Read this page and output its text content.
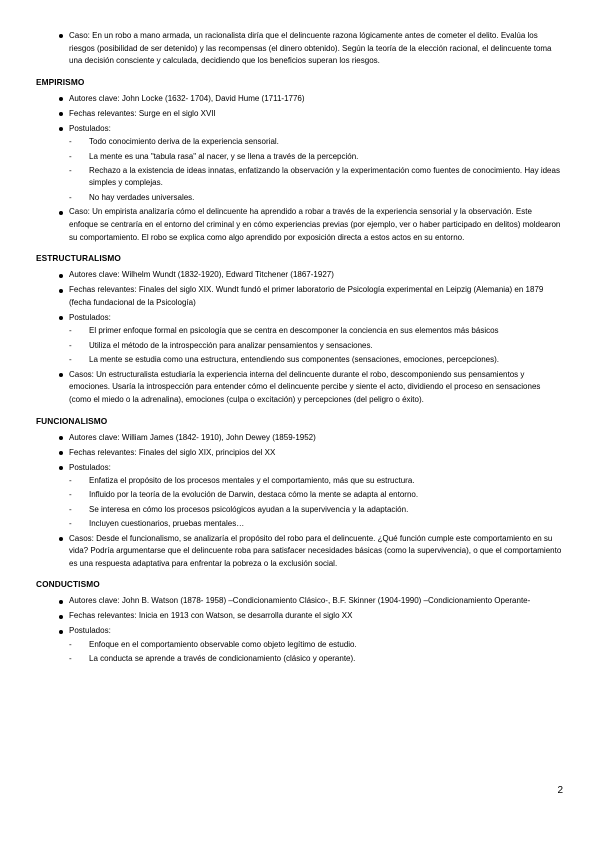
Caso: En un robo a mano armada, un racionalista diría que el delincuente razona lógicamente antes de cometer el delito. Evalúa los riesgos (posibilidad de ser detenido) y las recompensas (el dinero obtenido). Según la teoría de la elección racional, el delincuente toma una decisión consciente y calculada, decidiendo que los beneficios superan los riesgos.
EMPIRISMO
Autores clave: John Locke (1632- 1704), David Hume (1711-1776)
Fechas relevantes: Surge en el siglo XVII
Postulados:
- Todo conocimiento deriva de la experiencia sensorial.
- La mente es una "tabula rasa" al nacer, y se llena a través de la percepción.
- Rechazo a la existencia de ideas innatas, enfatizando la observación y la experimentación como fuentes de conocimiento. Hay ideas simples y complejas.
- No hay verdades universales.
Caso: Un empirista analizaría cómo el delincuente ha aprendido a robar a través de la experiencia sensorial y la observación. Este enfoque se centraría en el entorno del criminal y en cómo experiencias previas (por ejemplo, ver o haber participado en delitos) moldearon su comportamiento. El robo se explica como algo aprendido por exposición directa a estos actos en su entorno.
ESTRUCTURALISMO
Autores clave: Wilhelm Wundt (1832-1920), Edward Titchener (1867-1927)
Fechas relevantes: Finales del siglo XIX. Wundt fundó el primer laboratorio de Psicología experimental en Leipzig (Alemania) en 1879 (fecha fundacional de la Psicología)
Postulados:
- El primer enfoque formal en psicología que se centra en descomponer la conciencia en sus elementos más básicos
- Utiliza el método de la introspección para analizar pensamientos y sensaciones.
- La mente se estudia como una estructura, entendiendo sus componentes (sensaciones, emociones, percepciones).
Casos: Un estructuralista estudiaría la experiencia interna del delincuente durante el robo, descomponiendo sus pensamientos y emociones. Usaría la introspección para entender cómo el delincuente percibe y siente el acto, dividiendo el proceso en sensaciones (como el miedo o la adrenalina), emociones (culpa o excitación) y percepciones (del peligro o éxito).
FUNCIONALISMO
Autores clave: William James (1842- 1910), John Dewey (1859-1952)
Fechas relevantes: Finales del siglo XIX, principios del XX
Postulados:
- Enfatiza el propósito de los procesos mentales y el comportamiento, más que su estructura.
- Influido por la teoría de la evolución de Darwin, destaca cómo la mente se adapta al entorno.
- Se interesa en cómo los procesos psicológicos ayudan a la supervivencia y la adaptación.
- Incluyen cuestionarios, pruebas mentales…
Casos: Desde el funcionalismo, se analizaría el propósito del robo para el delincuente. ¿Qué función cumple este comportamiento en su vida? Podría argumentarse que el delincuente roba para satisfacer necesidades básicas (como la supervivencia), o que el comportamiento es una respuesta adaptativa para enfrentar la pobreza o la exclusión social.
CONDUCTISMO
Autores clave: John B. Watson (1878- 1958) –Condicionamiento Clásico-, B.F. Skinner (1904-1990) –Condicionamiento Operante-
Fechas relevantes: Inicia en 1913 con Watson, se desarrolla durante el siglo XX
Postulados:
- Enfoque en el comportamiento observable como objeto legítimo de estudio.
- La conducta se aprende a través de condicionamiento (clásico y operante).
2
